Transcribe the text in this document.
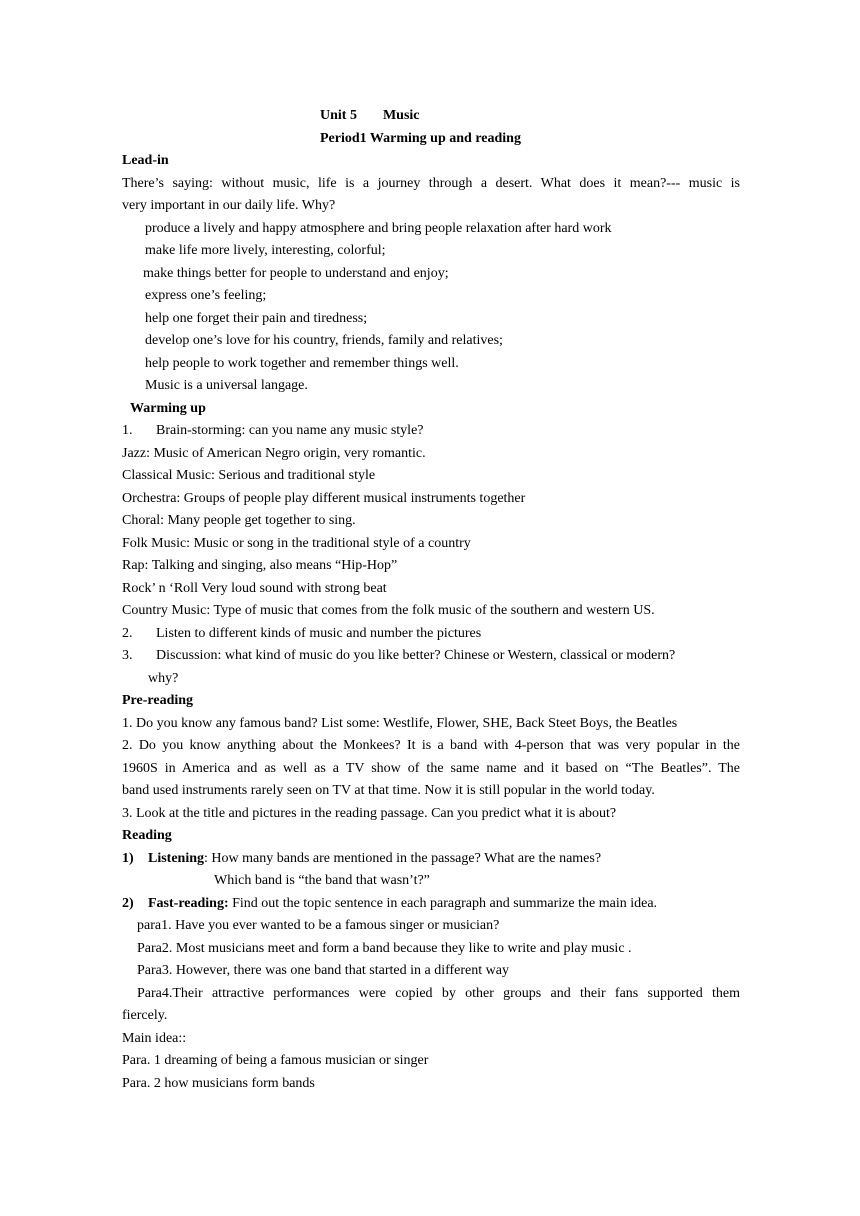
Unit 5 Music
Period1 Warming up and reading
Lead-in
There’s saying: without music, life is a journey through a desert. What does it mean?--- music is
very important in our daily life. Why?
produce a lively and happy atmosphere and bring people relaxation after hard work
make life more lively, interesting, colorful;
make things better for people to understand and enjoy;
express one’s feeling;
help one forget their pain and tiredness;
develop one’s love for his country, friends, family and relatives;
help people to work together and remember things well.
Music is a universal langage.
Warming up
1. Brain-storming: can you name any music style?
Jazz: Music of American Negro origin, very romantic.
Classical Music: Serious and traditional style
Orchestra: Groups of people play different musical instruments together
Choral: Many people get together to sing.
Folk Music: Music or song in the traditional style of a country
Rap: Talking and singing, also means “Hip-Hop”
Rock’ n ‘Roll Very loud sound with strong beat
Country Music: Type of music that comes from the folk music of the southern and western US.
2. Listen to different kinds of music and number the pictures
3. Discussion: what kind of music do you like better? Chinese or Western, classical or modern?
why?
Pre-reading
1. Do you know any famous band? List some: Westlife, Flower, SHE, Back Steet Boys, the Beatles
2. Do you know anything about the Monkees? It is a band with 4-person that was very popular in the
1960S in America and as well as a TV show of the same name and it based on “The Beatles”. The
band used instruments rarely seen on TV at that time. Now it is still popular in the world today.
3. Look at the title and pictures in the reading passage. Can you predict what it is about?
Reading
1) Listening: How many bands are mentioned in the passage? What are the names?
Which band is “the band that wasn’t?”
2) Fast-reading: Find out the topic sentence in each paragraph and summarize the main idea.
para1. Have you ever wanted to be a famous singer or musician?
Para2. Most musicians meet and form a band because they like to write and play music .
Para3. However, there was one band that started in a different way
Para4.Their attractive performances were copied by other groups and their fans supported them
fiercely.
Main idea::
Para. 1 dreaming of being a famous musician or singer
Para. 2 how musicians form bands
